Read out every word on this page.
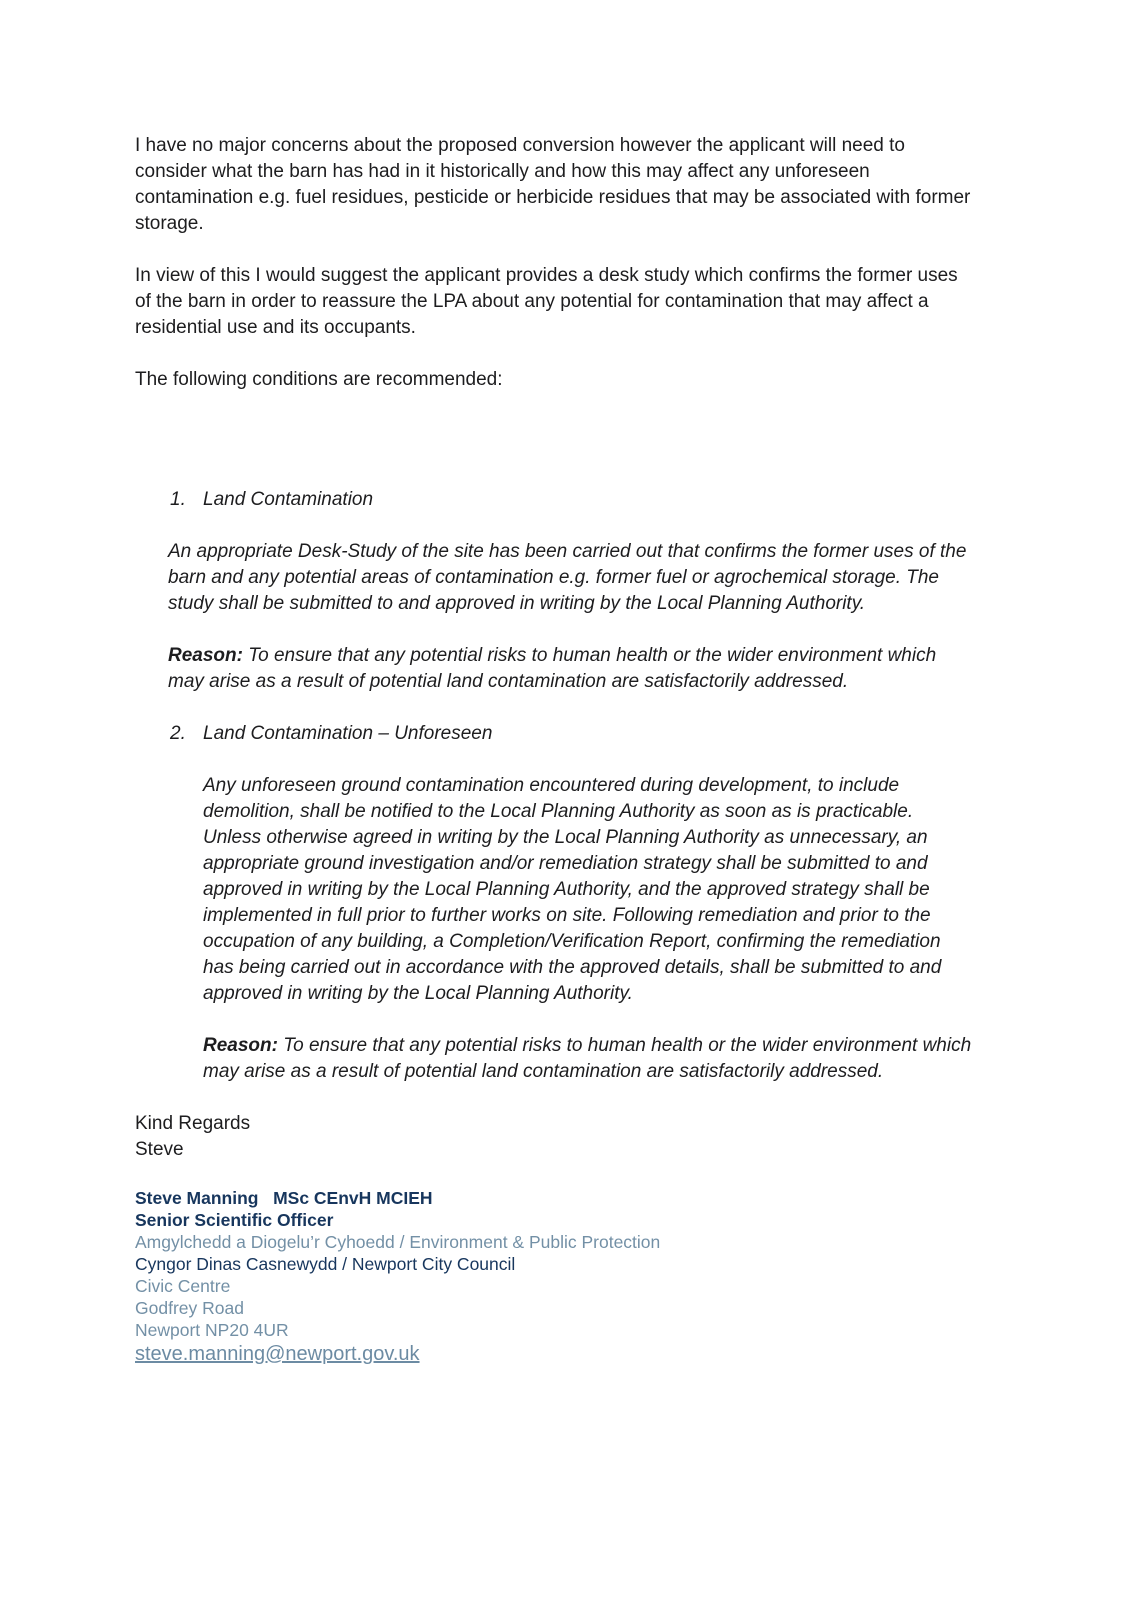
I have no major concerns about the proposed conversion however the applicant will need to consider what the barn has had in it historically and how this may affect any unforeseen contamination e.g. fuel residues, pesticide or herbicide residues that may be associated with former storage.

In view of this I would suggest the applicant provides a desk study which confirms the former uses of the barn in order to reassure the LPA about any potential for contamination that may affect a residential use and its occupants.

The following conditions are recommended:

1. Land Contamination

An appropriate Desk-Study of the site has been carried out that confirms the former uses of the barn and any potential areas of contamination e.g. former fuel or agrochemical storage. The study shall be submitted to and approved in writing by the Local Planning Authority.

Reason: To ensure that any potential risks to human health or the wider environment which may arise as a result of potential land contamination are satisfactorily addressed.

2. Land Contamination – Unforeseen

Any unforeseen ground contamination encountered during development, to include demolition, shall be notified to the Local Planning Authority as soon as is practicable. Unless otherwise agreed in writing by the Local Planning Authority as unnecessary, an appropriate ground investigation and/or remediation strategy shall be submitted to and approved in writing by the Local Planning Authority, and the approved strategy shall be implemented in full prior to further works on site. Following remediation and prior to the occupation of any building, a Completion/Verification Report, confirming the remediation has being carried out in accordance with the approved details, shall be submitted to and approved in writing by the Local Planning Authority.

Reason: To ensure that any potential risks to human health or the wider environment which may arise as a result of potential land contamination are satisfactorily addressed.

Kind Regards
Steve
Steve Manning   MSc CEnvH MCIEH
Senior Scientific Officer
Amgylchedd a Diogelu’r Cyhoedd / Environment & Public Protection
Cyngor Dinas Casnewydd / Newport City Council
Civic Centre
Godfrey Road
Newport NP20 4UR
steve.manning@newport.gov.uk
